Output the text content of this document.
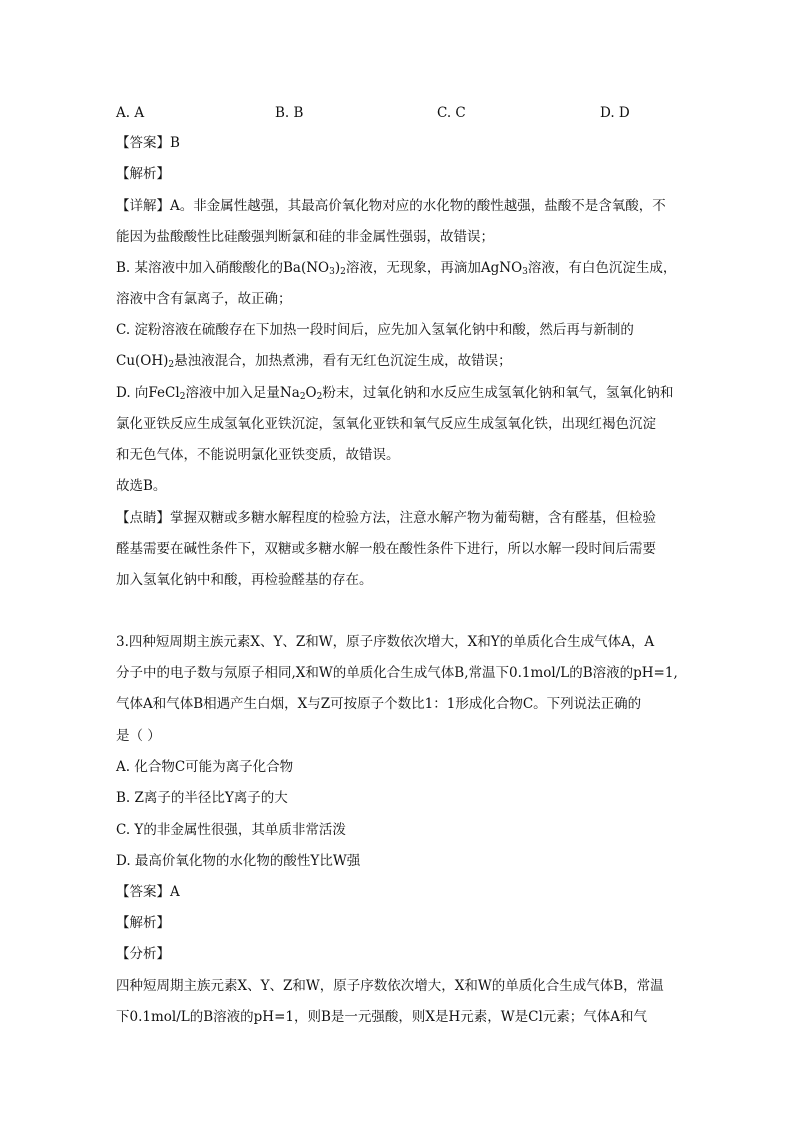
A. A	B. B	C. C	D. D
【答案】B
【解析】
【详解】A。非金属性越强，其最高价氧化物对应的水化物的酸性越强，盐酸不是含氧酸，不
能因为盐酸酸性比硅酸强判断氯和硅的非金属性强弱，故错误；
B. 某溶液中加入硝酸酸化的$Ba(NO_3)_2$溶液，无现象，再滴加AgNO$_3$溶液，有白色沉淀生成，
溶液中含有氯离子，故正确；
C. 淀粉溶液在硫酸存在下加热一段时间后，应先加入氢氧化钠中和酸，然后再与新制的
$Cu(OH)_2$悬浊液混合，加热煮沸，看有无红色沉淀生成，故错误；
D. 向FeCl$_2$溶液中加入足量$Na_2O_2$粉末，过氧化钠和水反应生成氢氧化钠和氧气，氢氧化钠和
氯化亚铁反应生成氢氧化亚铁沉淀，氢氧化亚铁和氧气反应生成氢氧化铁，出现红褐色沉淀
和无色气体，不能说明氯化亚铁变质，故错误。
故选B。
【点睛】掌握双糖或多糖水解程度的检验方法，注意水解产物为葡萄糖，含有醛基，但检验
醛基需要在碱性条件下，双糖或多糖水解一般在酸性条件下进行，所以水解一段时间后需要
加入氢氧化钠中和酸，再检验醛基的存在。
3.四种短周期主族元素X、Y、Z和W，原子序数依次增大，X和Y的单质化合生成气体A，A
分子中的电子数与氖原子相同,X和W的单质化合生成气体B,常温下0.1mol/L的B溶液的pH=1,
气体A和气体B相遇产生白烟，X与Z可按原子个数比1：1形成化合物C。下列说法正确的
是（ ）
A. 化合物C可能为离子化合物
B. Z离子的半径比Y离子的大
C. Y的非金属性很强，其单质非常活泼
D. 最高价氧化物的水化物的酸性Y比W强
【答案】A
【解析】
【分析】
四种短周期主族元素X、Y、Z和W，原子序数依次增大，X和W的单质化合生成气体B，常温
下0.1mol/L的B溶液的pH=1，则B是一元强酸，则X是H元素，W是Cl元素；气体A和气
